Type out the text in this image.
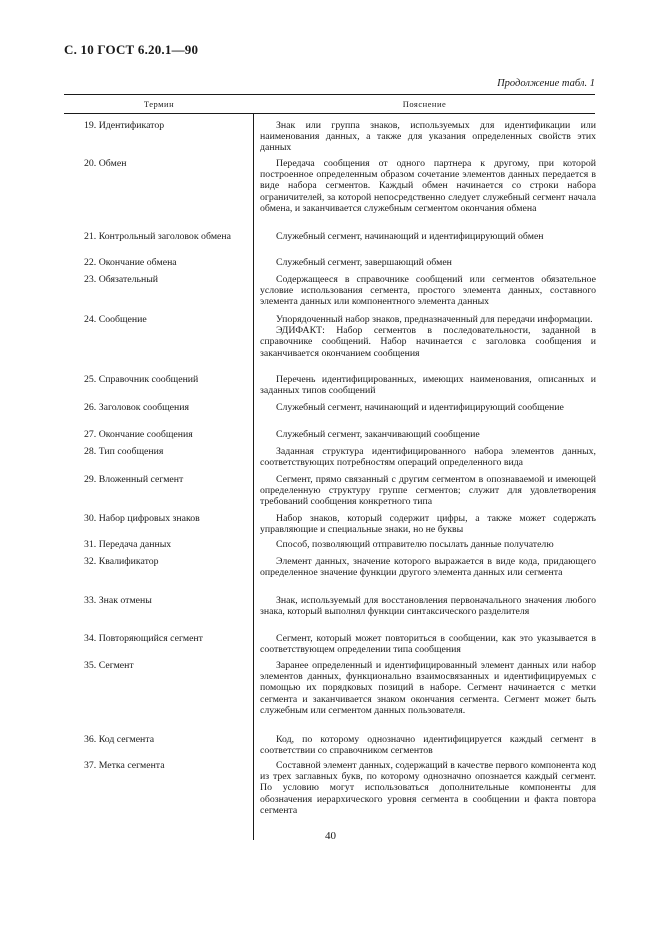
С. 10 ГОСТ 6.20.1—90
Продолжение табл. 1
Термин	Пояснение
19. Идентификатор	Знак или группа знаков, используемых для идентификации или наименования данных, а также для указания определенных свойств этих данных

20. Обмен	Передача сообщения от одного партнера к другому, при которой построенное определенным образом сочетание элементов данных передается в виде набора сегментов. Каждый обмен начинается со строки набора ограничителей, за которой непосредственно следует служебный сегмент начала обмена, и заканчивается служебным сегментом окончания обмена

21. Контрольный заголовок обмена	Служебный сегмент, начинающий и идентифицирующий обмен

22. Окончание обмена	Служебный сегмент, завершающий обмен

23. Обязательный	Содержащееся в справочнике сообщений или сегментов обязательное условие использования сегмента, простого элемента данных, составного элемента данных или компонентного элемента данных

24. Сообщение	Упорядоченный набор знаков, предназначенный для передачи информации.

ЭДИФАКТ: Набор сегментов в последовательности, заданной в справочнике сообщений. Набор начинается с заголовка сообщения и заканчивается окончанием сообщения

25. Справочник сообщений	Перечень идентифицированных, имеющих наименования, описанных и заданных типов сообщений

26. Заголовок сообщения	Служебный сегмент, начинающий и идентифицирующий сообщение

27. Окончание сообщения	Служебный сегмент, заканчивающий сообщение

28. Тип сообщения	Заданная структура идентифицированного набора элементов данных, соответствующих потребностям операций определенного вида

29. Вложенный сегмент	Сегмент, прямо связанный с другим сегментом в опознаваемой и имеющей определенную структуру группе сегментов; служит для удовлетворения требований сообщения конкретного типа

30. Набор цифровых знаков	Набор знаков, который содержит цифры, а также может содержать управляющие и специальные знаки, но не буквы

31. Передача данных	Способ, позволяющий отправителю посылать данные получателю

32. Квалификатор	Элемент данных, значение которого выражается в виде кода, придающего определенное значение функции другого элемента данных или сегмента

33. Знак отмены	Знак, используемый для восстановления первоначального значения любого знака, который выполнял функции синтаксического разделителя

34. Повторяющийся сегмент	Сегмент, который может повториться в сообщении, как это указывается в соответствующем определении типа сообщения

35. Сегмент	Заранее определенный и идентифицированный элемент данных или набор элементов данных, функционально взаимосвязанных и идентифицируемых с помощью их порядковых позиций в наборе. Сегмент начинается с метки сегмента и заканчивается знаком окончания сегмента. Сегмент может быть служебным или сегментом данных пользователя.

36. Код сегмента	Код, по которому однозначно идентифицируется каждый сегмент в соответствии со справочником сегментов

37. Метка сегмента	Составной элемент данных, содержащий в качестве первого компонента код из трех заглавных букв, по которому однозначно опознается каждый сегмент. По условию могут использоваться дополнительные компоненты для обозначения иерархического уровня сегмента в сообщении и факта повтора сегмента

40
